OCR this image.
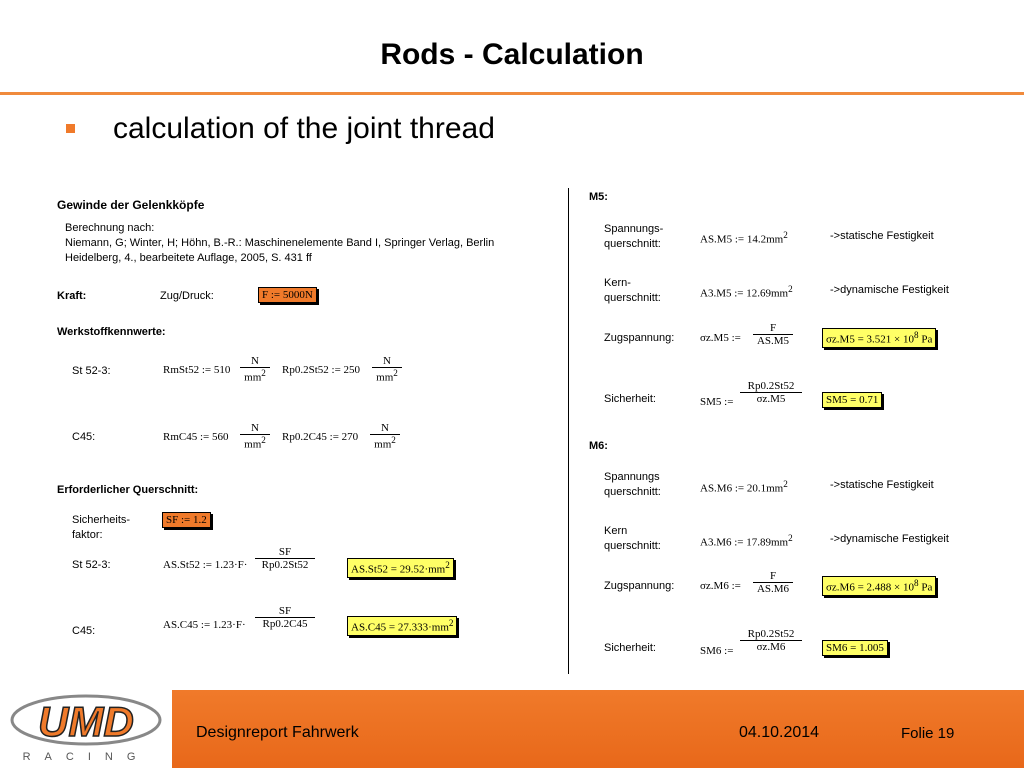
Rods - Calculation
calculation of the joint thread
Gewinde der Gelenkköpfe
Berechnung nach:
Niemann, G; Winter, H; Höhn, B.-R.: Maschinenelemente Band I, Springer Verlag, Berlin
Heidelberg, 4., bearbeitete Auflage, 2005, S. 431 ff
Kraft:	Zug/Druck:	F := 5000N
Werkstoffkennwerte:
St 52-3:	RmSt52 := $510 \frac{N}{mm^2} Rp0.2St52$ := $250 \frac{N}{mm^2}$
C45:	RmC45 := $560 \frac{N}{mm^2} Rp0.2C45$ := $270 \frac{N}{mm^2}$
Erforderlicher Querschnitt:
Sicherheits-
faktor:
SF := 1.2
St 52-3:	AS.St52 := $1.23\cdot F\cdot \frac{SF}{Rp0.2St52}$	$AS.St52 = 29.52\cdot mm^2$
C45:	AS.C45 := $1.23\cdot F\cdot \frac{SF}{Rp0.2C45}$	$AS.C45 = 27.333\cdot mm^2$
M5:
Spannungs-
querschnitt:	AS.M5 := $14.2mm^2$	->statische Festigkeit
Kern-
querschnitt:	A3.M5 := $12.69mm^2$	->dynamische Festigkeit
Zugspannung: σz.M5 := $\frac{F}{AS.M5}$	$\sigma z.M5 = 3.521 \times 10^8$ Pa
Sicherheit:	SM5 := $\frac{Rp0.2St52}{\sigma z.M5}$	SM5 = 0.71
M6:
Spannungs
querschnitt:	AS.M6 := $20.1mm^2$	->statische Festigkeit
Kern
querschnitt:	A3.M6 := $17.89mm^2$	->dynamische Festigkeit
Zugspannung: σz.M6 := $\frac{F}{AS.M6}$	$\sigma z.M6 = 2.488 \times 10^8$ Pa
Sicherheit:	SM6 := $\frac{Rp0.2St52}{\sigma z.M6}$	SM6 = 1.005
UMD
RACING
Designreport Fahrwerk	04.10.2014	Folie 19
